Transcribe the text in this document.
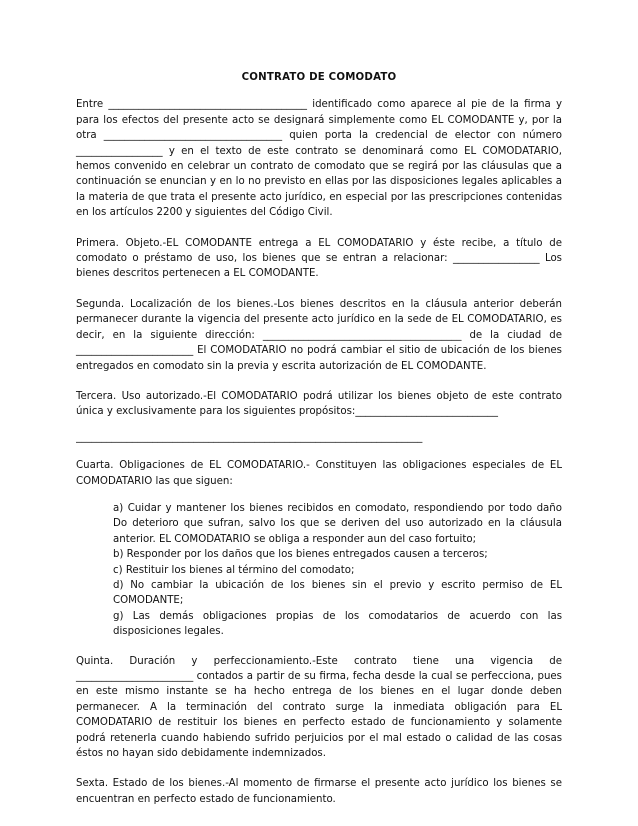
CONTRATO DE COMODATO

Entre _______________________________________ identificado como aparece al pie de la firma y para los efectos del presente acto se designará simplemente como EL COMODANTE y, por la otra ___________________________________ quien porta la credencial de elector con número _________________ y en el texto de este contrato se denominará como EL COMODATARIO, hemos convenido en celebrar un contrato de comodato que se regirá por las cláusulas que a continuación se enuncian y en lo no previsto en ellas por las disposiciones legales aplicables a la materia de que trata el presente acto jurídico, en especial por las prescripciones contenidas en los artículos 2200 y siguientes del Código Civil.

Primera. Objeto.-EL COMODANTE entrega a EL COMODATARIO y éste recibe, a título de comodato o préstamo de uso, los bienes que se entran a relacionar: _________________ Los bienes descritos pertenecen a EL COMODANTE.

Segunda. Localización de los bienes.-Los bienes descritos en la cláusula anterior deberán permanecer durante la vigencia del presente acto jurídico en la sede de EL COMODATARIO, es decir, en la siguiente dirección: _______________________________________ de la ciudad de _______________________ El COMODATARIO no podrá cambiar el sitio de ubicación de los bienes entregados en comodato sin la previa y escrita autorización de EL COMODANTE.

Tercera. Uso autorizado.-El COMODATARIO podrá utilizar los bienes objeto de este contrato única y exclusivamente para los siguientes propósitos:____________________________

____________________________________________________________________

Cuarta. Obligaciones de EL COMODATARIO.- Constituyen las obligaciones especiales de EL COMODATARIO las que siguen:

a) Cuidar y mantener los bienes recibidos en comodato, respondiendo por todo daño Do deterioro que sufran, salvo los que se deriven del uso autorizado en la cláusula anterior. EL COMODATARIO se obliga a responder aun del caso fortuito;

b) Responder por los daños que los bienes entregados causen a terceros;

c) Restituir los bienes al término del comodato;

d) No cambiar la ubicación de los bienes sin el previo y escrito permiso de EL COMODANTE;

g) Las demás obligaciones propias de los comodatarios de acuerdo con las disposiciones legales.

Quinta. Duración y perfeccionamiento.-Este contrato tiene una vigencia de _______________________ contados a partir de su firma, fecha desde la cual se perfecciona, pues en este mismo instante se ha hecho entrega de los bienes en el lugar donde deben permanecer. A la terminación del contrato surge la inmediata obligación para EL COMODATARIO de restituir los bienes en perfecto estado de funcionamiento y solamente podrá retenerla cuando habiendo sufrido perjuicios por el mal estado o calidad de las cosas éstos no hayan sido debidamente indemnizados.

Sexta. Estado de los bienes.-Al momento de firmarse el presente acto jurídico los bienes se encuentran en perfecto estado de funcionamiento.
